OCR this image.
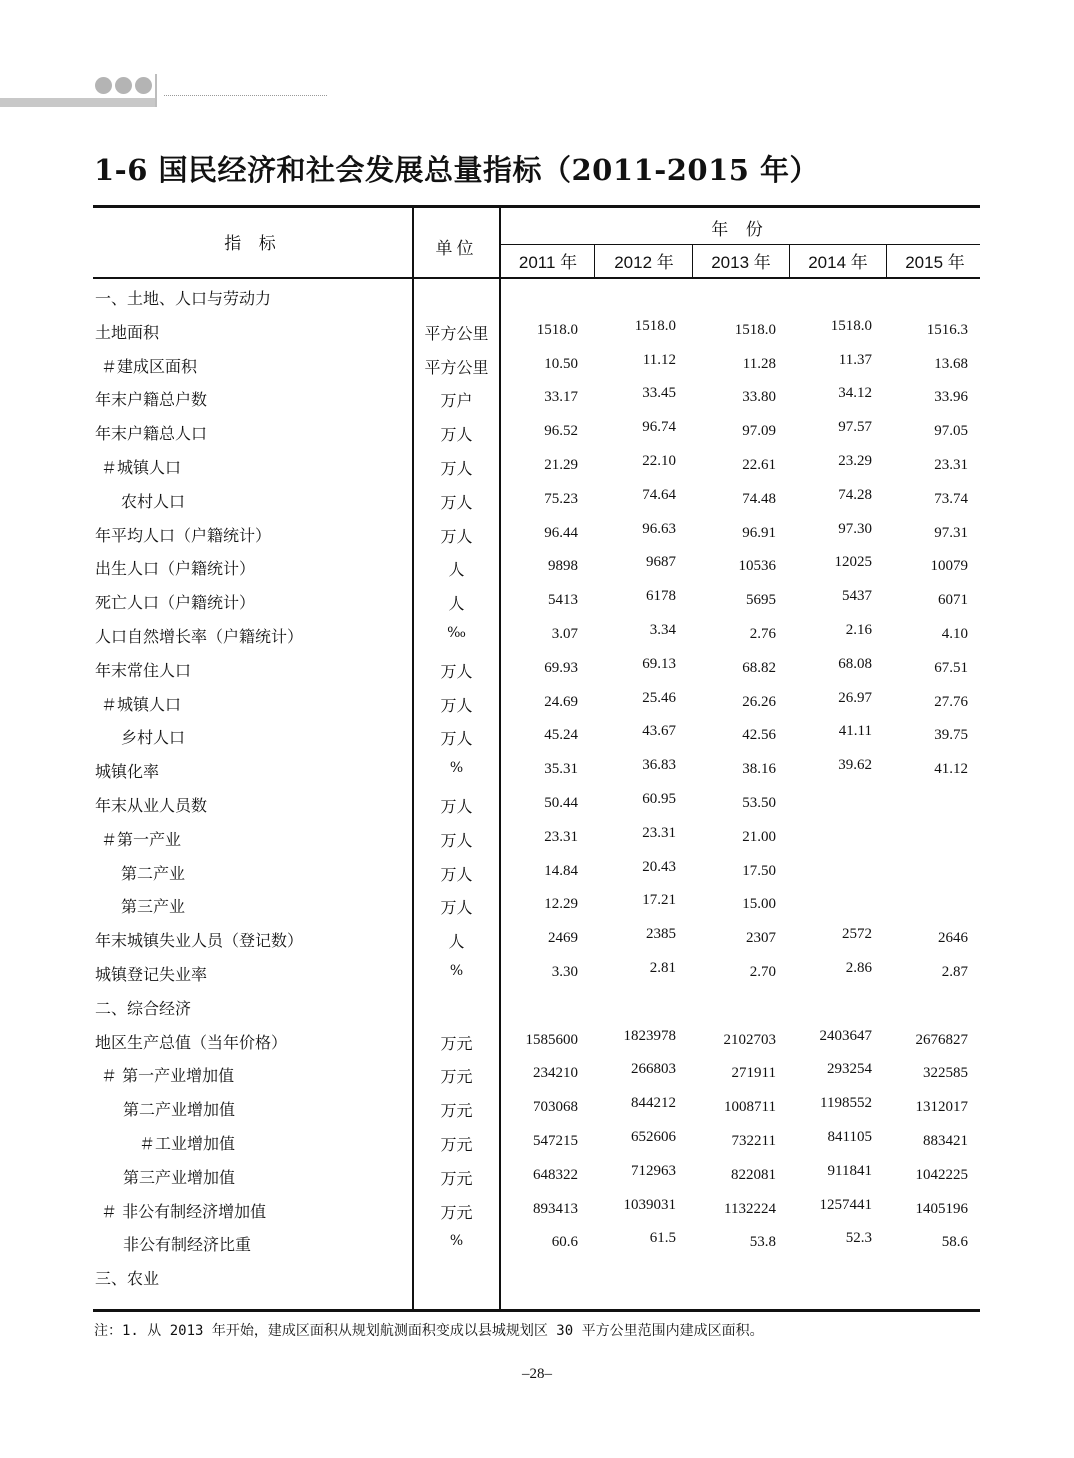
1-6 国民经济和社会发展总量指标（2011-2015 年）
指 标	单位
年 份
2011 年	2012 年	2013 年	2014 年	2015 年
一、土地、人口与劳动力
土地面积	平方公里	1518.0	1518.0	1518.0	1518.0	1516.3
＃建成区面积	平方公里	10.50	11.12	11.28	11.37	13.68
年末户籍总户数	万户	33.17	33.45	33.80	34.12	33.96
年末户籍总人口	万人	96.52	96.74	97.09	97.57	97.05
＃城镇人口	万人	21.29	22.10	22.61	23.29	23.31
农村人口	万人	75.23	74.64	74.48	74.28	73.74
年平均人口（户籍统计）	万人	96.44	96.63	96.91	97.30	97.31
出生人口（户籍统计）	人	9898	9687	10536	12025	10079
死亡人口（户籍统计）	人	5413	6178	5695	5437	6071
人口自然增长率（户籍统计）	‰	3.07	3.34	2.76	2.16	4.10
年末常住人口	万人	69.93	69.13	68.82	68.08	67.51
＃城镇人口	万人	24.69	25.46	26.26	26.97	27.76
乡村人口	万人	45.24	43.67	42.56	41.11	39.75
城镇化率	%	35.31	36.83	38.16	39.62	41.12
年末从业人员数	万人	50.44	60.95	53.50
＃第一产业	万人	23.31	23.31	21.00
第二产业	万人	14.84	20.43	17.50
第三产业	万人	12.29	17.21	15.00
年末城镇失业人员（登记数）	人	2469	2385	2307	2572	2646
城镇登记失业率	%	3.30	2.81	2.70	2.86	2.87
二、综合经济
地区生产总值（当年价格）	万元	1585600	1823978	2102703	2403647	2676827
＃ 第一产业增加值	万元	234210	266803	271911	293254	322585
第二产业增加值	万元	703068	844212	1008711	1198552	1312017
＃工业增加值	万元	547215	652606	732211	841105	883421
第三产业增加值	万元	648322	712963	822081	911841	1042225
＃ 非公有制经济增加值	万元	893413	1039031	1132224	1257441	1405196
非公有制经济比重	%	60.6	61.5	53.8	52.3	58.6
三、农业
注：1. 从 2013 年开始，建成区面积从规划航测面积变成以县城规划区 30 平方公里范围内建成区面积。
–28–
